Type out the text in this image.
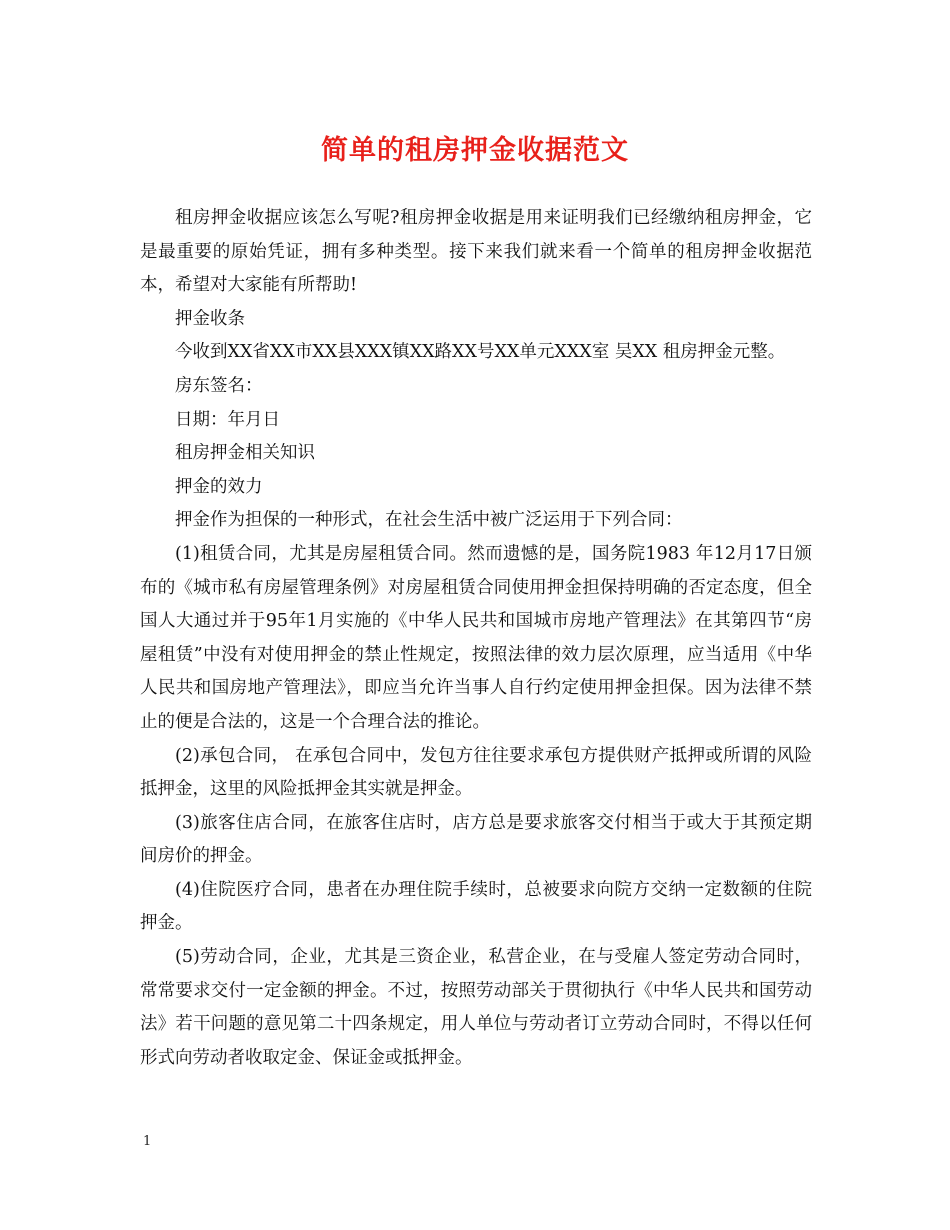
简单的租房押金收据范文

租房押金收据应该怎么写呢?租房押金收据是用来证明我们已经缴纳租房押金，它是最重要的原始凭证，拥有多种类型。接下来我们就来看一个简单的租房押金收据范本，希望对大家能有所帮助!

押金收条

今收到XX省XX市XX县XXX镇XX路XX号XX单元XXX室 吴XX 租房押金元整。

房东签名：

日期：年月日

租房押金相关知识

押金的效力

押金作为担保的一种形式，在社会生活中被广泛运用于下列合同：

(1)租赁合同，尤其是房屋租赁合同。然而遗憾的是，国务院1983 年12月17日颁布的《城市私有房屋管理条例》对房屋租赁合同使用押金担保持明确的否定态度，但全国人大通过并于95年1月实施的《中华人民共和国城市房地产管理法》在其第四节“房屋租赁”中没有对使用押金的禁止性规定，按照法律的效力层次原理，应当适用《中华人民共和国房地产管理法》，即应当允许当事人自行约定使用押金担保。因为法律不禁止的便是合法的，这是一个合理合法的推论。

(2)承包合同， 在承包合同中，发包方往往要求承包方提供财产抵押或所谓的风险抵押金，这里的风险抵押金其实就是押金。

(3)旅客住店合同，在旅客住店时，店方总是要求旅客交付相当于或大于其预定期间房价的押金。

(4)住院医疗合同，患者在办理住院手续时，总被要求向院方交纳一定数额的住院押金。

(5)劳动合同，企业，尤其是三资企业，私营企业，在与受雇人签定劳动合同时，常常要求交付一定金额的押金。不过，按照劳动部关于贯彻执行《中华人民共和国劳动法》若干问题的意见第二十四条规定，用人单位与劳动者订立劳动合同时，不得以任何形式向劳动者收取定金、保证金或抵押金。

1
